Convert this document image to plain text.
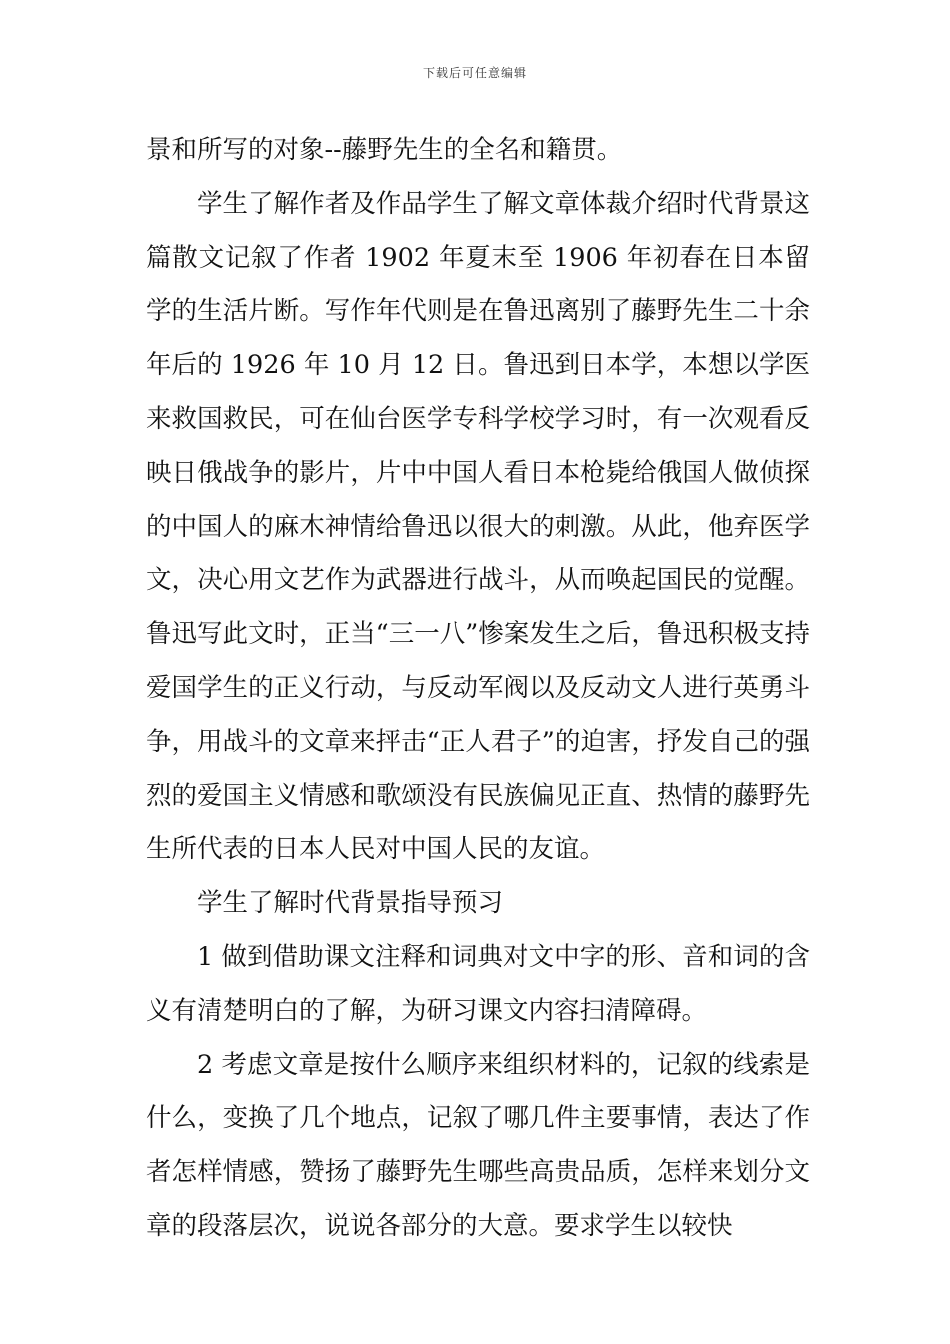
下载后可任意编辑

景和所写的对象--藤野先生的全名和籍贯。

学生了解作者及作品学生了解文章体裁介绍时代背景这篇散文记叙了作者 1902 年夏末至 1906 年初春在日本留学的生活片断。写作年代则是在鲁迅离别了藤野先生二十余年后的 1926 年 10 月 12 日。鲁迅到日本学，本想以学医来救国救民，可在仙台医学专科学校学习时，有一次观看反映日俄战争的影片，片中中国人看日本枪毙给俄国人做侦探的中国人的麻木神情给鲁迅以很大的刺激。从此，他弃医学文，决心用文艺作为武器进行战斗，从而唤起国民的觉醒。鲁迅写此文时，正当“三一八”惨案发生之后，鲁迅积极支持爱国学生的正义行动，与反动军阀以及反动文人进行英勇斗争，用战斗的文章来抨击“正人君子”的迫害，抒发自己的强烈的爱国主义情感和歌颂没有民族偏见正直、热情的藤野先生所代表的日本人民对中国人民的友谊。

学生了解时代背景指导预习

1 做到借助课文注释和词典对文中字的形、音和词的含义有清楚明白的了解，为研习课文内容扫清障碍。

2 考虑文章是按什么顺序来组织材料的，记叙的线索是什么，变换了几个地点，记叙了哪几件主要事情，表达了作者怎样情感，赞扬了藤野先生哪些高贵品质，怎样来划分文章的段落层次，说说各部分的大意。要求学生以较快
